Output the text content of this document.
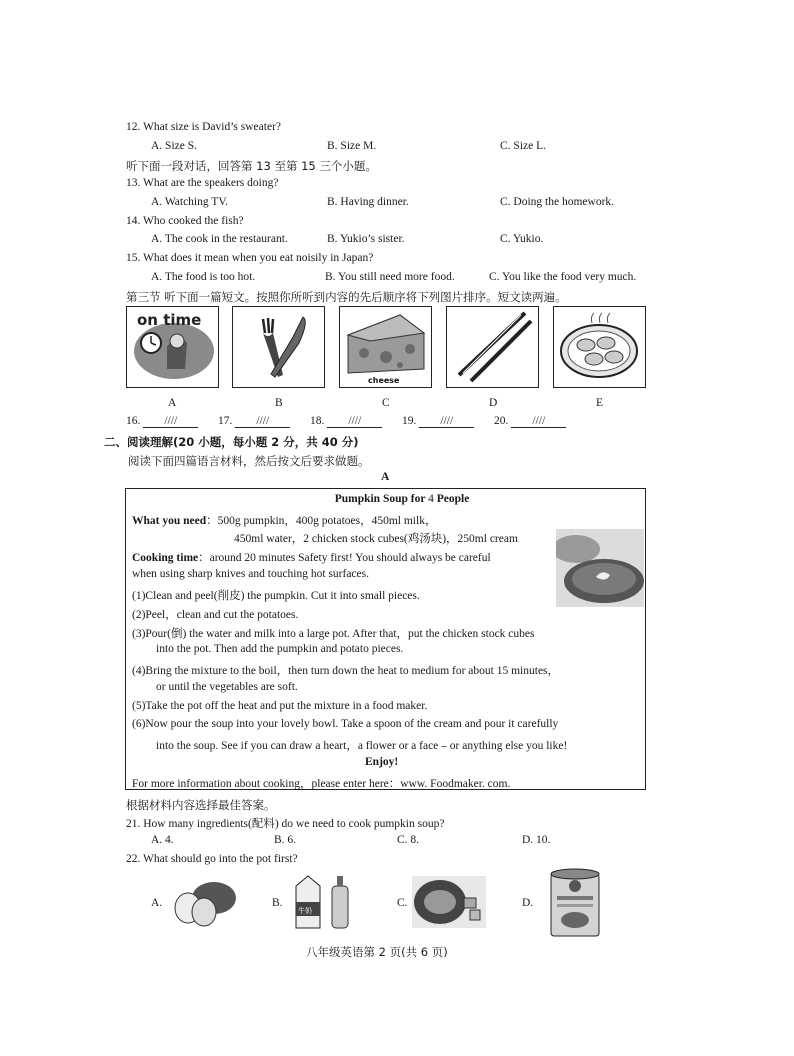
12. What size is David’s sweater?
A. Size S.	B. Size M.	C. Size L.
听下面一段对话，回答第 13 至第 15 三个小题。
13. What are the speakers doing?
A. Watching TV.	B. Having dinner.	C. Doing the homework.
14. Who cooked the fish?
A. The cook in the restaurant.	B. Yukio’s sister.	C. Yukio.
15. What does it mean when you eat noisily in Japan?
A. The food is too hot.	B. You still need more food.	C. You like the food very much.
第三节 听下面一篇短文。按照你所听到内容的先后顺序将下列图片排序。短文读两遍。
on time
cheese
A	B	C	D	E
16. ////	17. ////	18. ////	19. ////	20. ////
二、阅读理解(20 小题，每小题 2 分，共 40 分)
阅读下面四篇语言材料，然后按文后要求做题。
A
Pumpkin Soup for 4 People
What you need：500g pumpkin，400g potatoes，450ml milk，
450ml water，2 chicken stock cubes(鸡汤块)，250ml cream
Cooking time：around 20 minutes Safety first! You should always be careful
when using sharp knives and touching hot surfaces.
(1)Clean and peel(削皮) the pumpkin. Cut it into small pieces.
(2)Peel，clean and cut the potatoes.
(3)Pour(倒) the water and milk into a large pot. After that，put the chicken stock cubes
into the pot. Then add the pumpkin and potato pieces.
(4)Bring the mixture to the boil，then turn down the heat to medium for about 15 minutes，
or until the vegetables are soft.
(5)Take the pot off the heat and put the mixture in a food maker.
(6)Now pour the soup into your lovely bowl. Take a spoon of the cream and pour it carefully
into the soup. See if you can draw a heart，a flower or a face – or anything else you like!
Enjoy!
For more information about cooking，please enter here：www. Foodmaker. com.
根据材料内容选择最佳答案。
21. How many ingredients(配料) do we need to cook pumpkin soup?
A. 4.	B. 6.	C. 8.	D. 10.
22. What should go into the pot first?
A.	B.
牛奶
C.	D.
八年级英语第 2 页(共 6 页)
